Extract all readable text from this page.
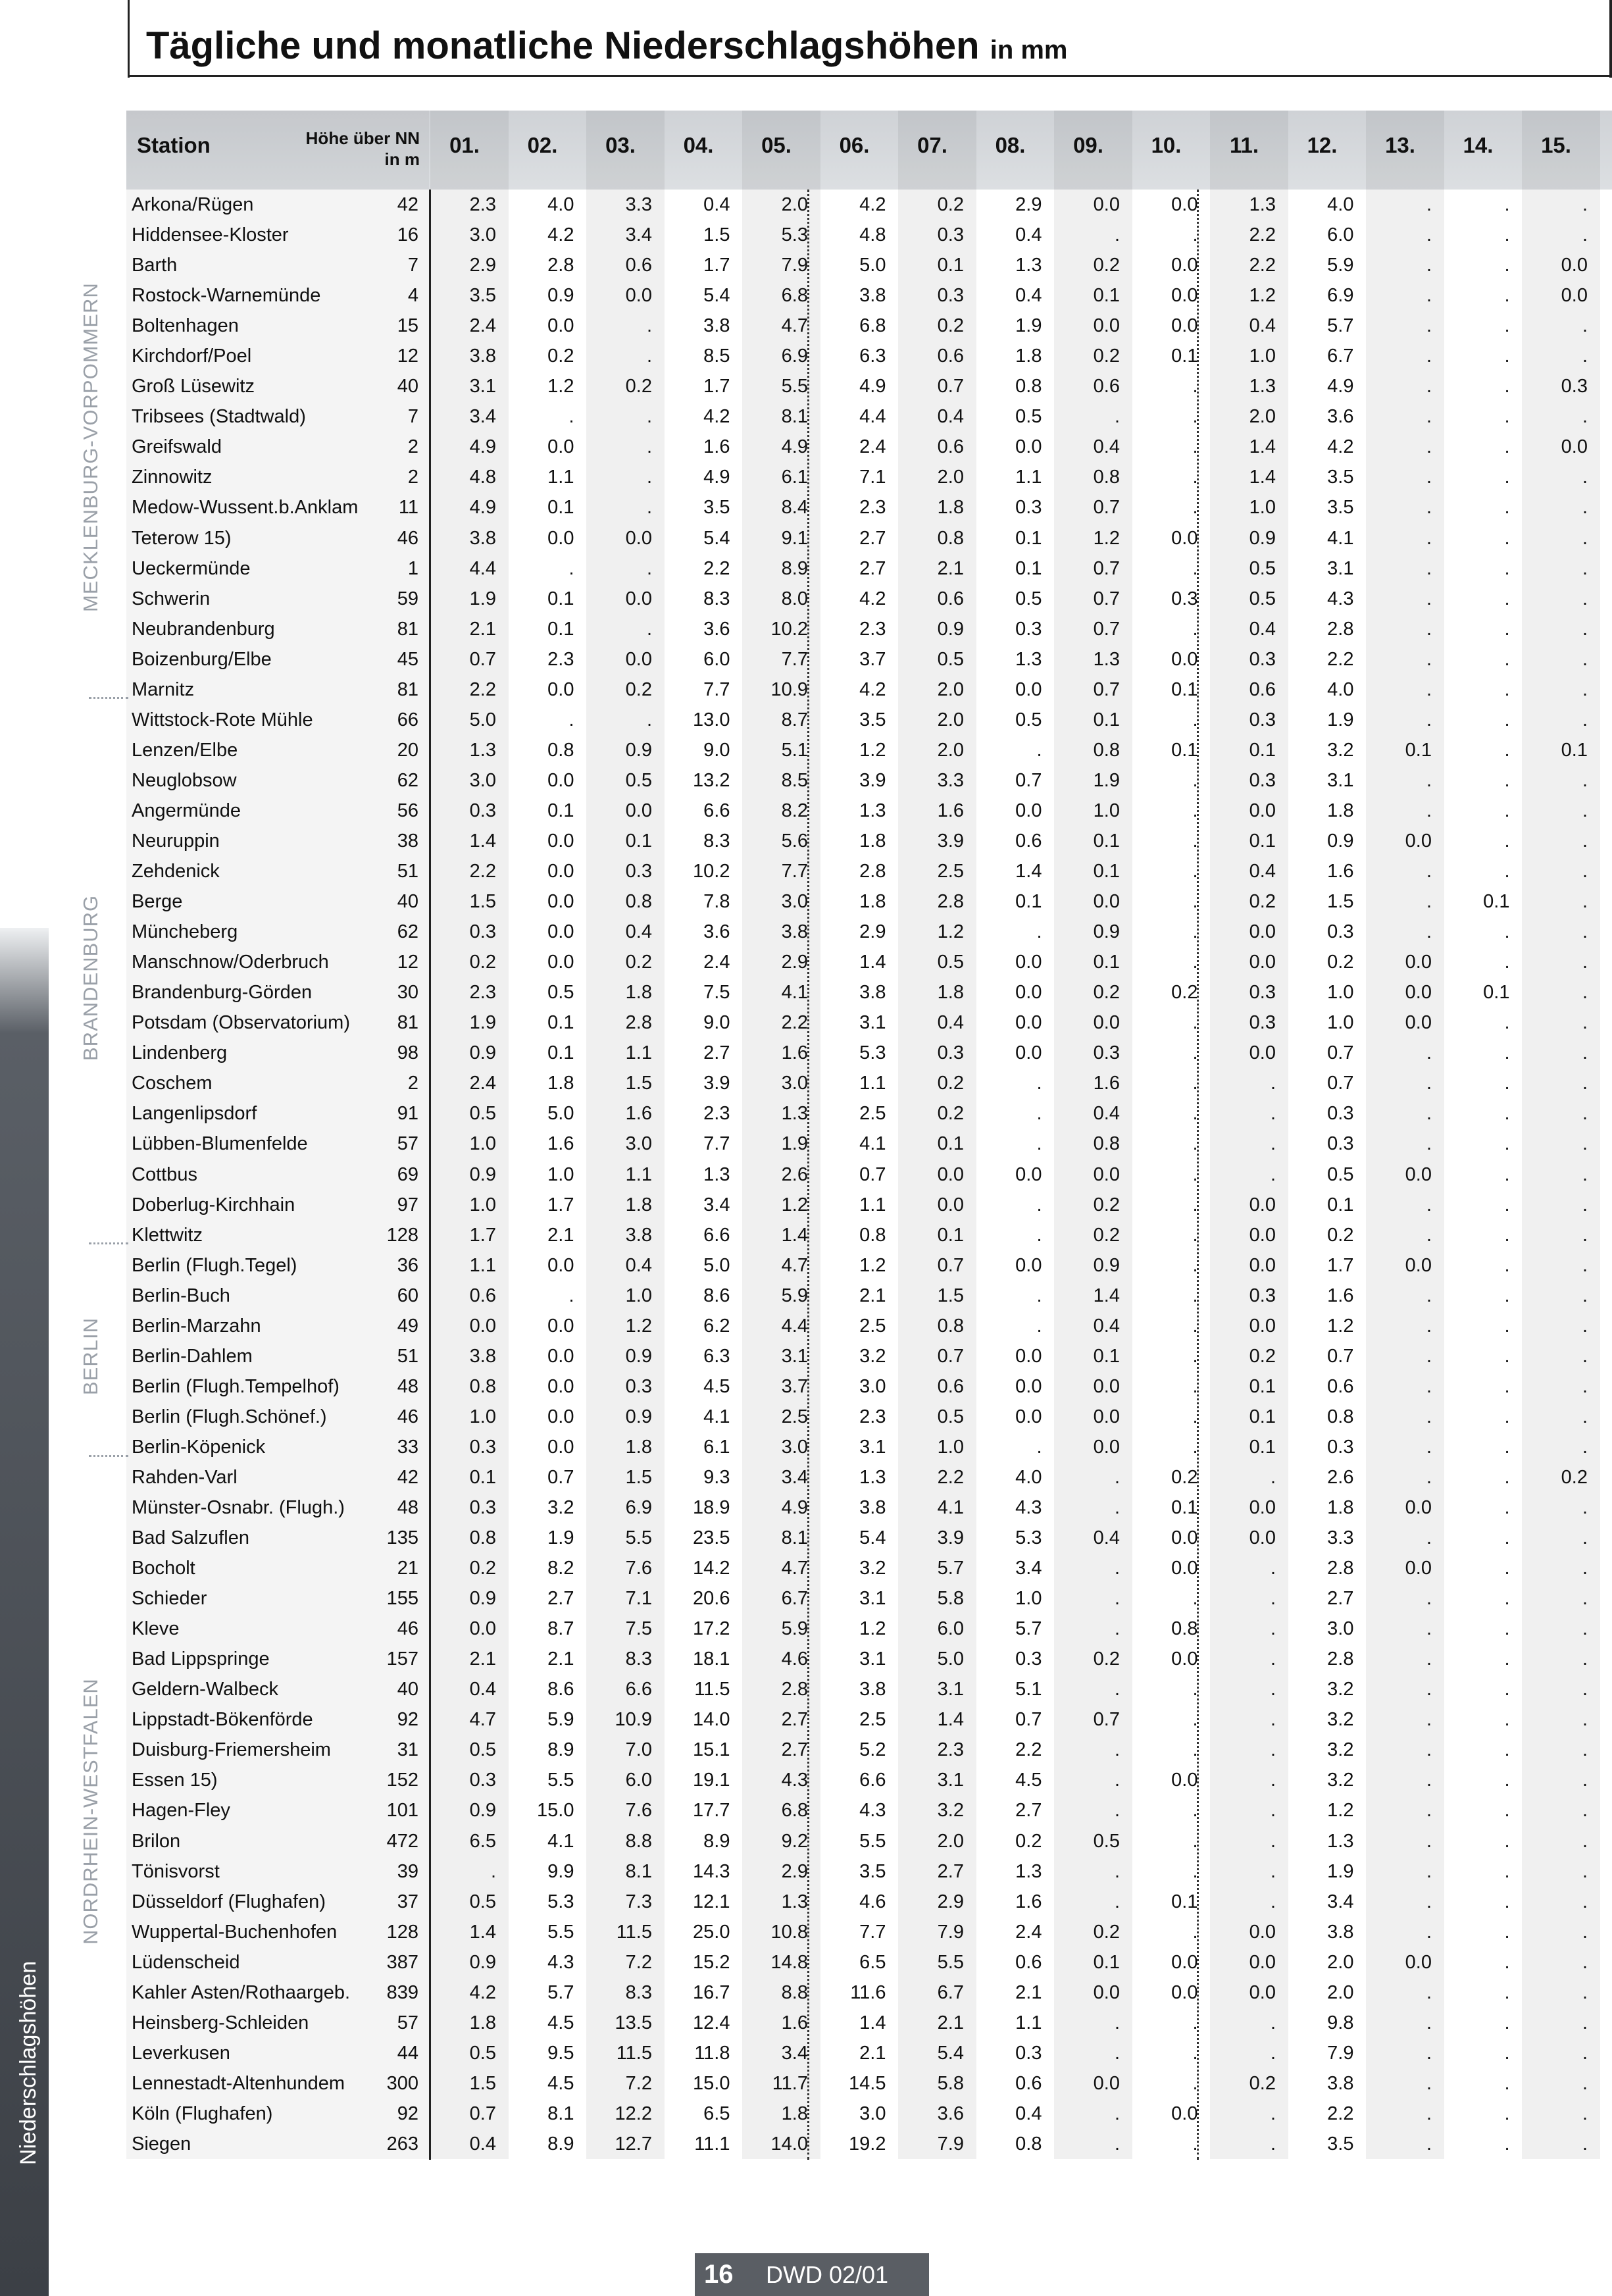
Tägliche und monatliche Niederschlagshöhen in mm
Station	Höhe über NN
in m
01.	02.	03.	04.	05.	06.	07.	08.	09.	10.	11.	12.	13.	14.	15.
Arkona/Rügen	42	2.3	4.0	3.3	0.4	2.0	4.2	0.2	2.9	0.0	0.0	1.3	4.0	.	.	.
Hiddensee-Kloster	16	3.0	4.2	3.4	1.5	5.3	4.8	0.3	0.4	.	.	2.2	6.0	.	.	.
Barth	7	2.9	2.8	0.6	1.7	7.9	5.0	0.1	1.3	0.2	0.0	2.2	5.9	.	.	0.0
Rostock-Warnemünde	4	3.5	0.9	0.0	5.4	6.8	3.8	0.3	0.4	0.1	0.0	1.2	6.9	.	.	0.0
Boltenhagen	15	2.4	0.0	.	3.8	4.7	6.8	0.2	1.9	0.0	0.0	0.4	5.7	.	.	.
Kirchdorf/Poel	12	3.8	0.2	.	8.5	6.9	6.3	0.6	1.8	0.2	0.1	1.0	6.7	.	.	.
Groß Lüsewitz	40	3.1	1.2	0.2	1.7	5.5	4.9	0.7	0.8	0.6	.	1.3	4.9	.	.	0.3
Tribsees (Stadtwald)	7	3.4	.	.	4.2	8.1	4.4	0.4	0.5	.	.	2.0	3.6	.	.	.
Greifswald	2	4.9	0.0	.	1.6	4.9	2.4	0.6	0.0	0.4	.	1.4	4.2	.	.	0.0
Zinnowitz	2	4.8	1.1	.	4.9	6.1	7.1	2.0	1.1	0.8	.	1.4	3.5	.	.	.
Medow-Wussent.b.Anklam	11	4.9	0.1	.	3.5	8.4	2.3	1.8	0.3	0.7	.	1.0	3.5	.	.	.
Teterow 15)	46	3.8	0.0	0.0	5.4	9.1	2.7	0.8	0.1	1.2	0.0	0.9	4.1	.	.	.
Ueckermünde	1	4.4	.	.	2.2	8.9	2.7	2.1	0.1	0.7	.	0.5	3.1	.	.	.
Schwerin	59	1.9	0.1	0.0	8.3	8.0	4.2	0.6	0.5	0.7	0.3	0.5	4.3	.	.	.
Neubrandenburg	81	2.1	0.1	.	3.6	10.2	2.3	0.9	0.3	0.7	.	0.4	2.8	.	.	.
Boizenburg/Elbe	45	0.7	2.3	0.0	6.0	7.7	3.7	0.5	1.3	1.3	0.0	0.3	2.2	.	.	.
Marnitz	81	2.2	0.0	0.2	7.7	10.9	4.2	2.0	0.0	0.7	0.1	0.6	4.0	.	.	.
Wittstock-Rote Mühle	66	5.0	.	.	13.0	8.7	3.5	2.0	0.5	0.1	.	0.3	1.9	.	.	.
Lenzen/Elbe	20	1.3	0.8	0.9	9.0	5.1	1.2	2.0	.	0.8	0.1	0.1	3.2	0.1	.	0.1
Neuglobsow	62	3.0	0.0	0.5	13.2	8.5	3.9	3.3	0.7	1.9	.	0.3	3.1	.	.	.
Angermünde	56	0.3	0.1	0.0	6.6	8.2	1.3	1.6	0.0	1.0	.	0.0	1.8	.	.	.
Neuruppin	38	1.4	0.0	0.1	8.3	5.6	1.8	3.9	0.6	0.1	.	0.1	0.9	0.0	.	.
Zehdenick	51	2.2	0.0	0.3	10.2	7.7	2.8	2.5	1.4	0.1	.	0.4	1.6	.	.	.
Berge	40	1.5	0.0	0.8	7.8	3.0	1.8	2.8	0.1	0.0	.	0.2	1.5	.	0.1	.
Müncheberg	62	0.3	0.0	0.4	3.6	3.8	2.9	1.2	.	0.9	.	0.0	0.3	.	.	.
Manschnow/Oderbruch	12	0.2	0.0	0.2	2.4	2.9	1.4	0.5	0.0	0.1	.	0.0	0.2	0.0	.	.
Brandenburg-Görden	30	2.3	0.5	1.8	7.5	4.1	3.8	1.8	0.0	0.2	0.2	0.3	1.0	0.0	0.1	.
Potsdam (Observatorium)	81	1.9	0.1	2.8	9.0	2.2	3.1	0.4	0.0	0.0	.	0.3	1.0	0.0	.	.
Lindenberg	98	0.9	0.1	1.1	2.7	1.6	5.3	0.3	0.0	0.3	.	0.0	0.7	.	.	.
Coschem	2	2.4	1.8	1.5	3.9	3.0	1.1	0.2	.	1.6	.	.	0.7	.	.	.
Langenlipsdorf	91	0.5	5.0	1.6	2.3	1.3	2.5	0.2	.	0.4	.	.	0.3	.	.	.
Lübben-Blumenfelde	57	1.0	1.6	3.0	7.7	1.9	4.1	0.1	.	0.8	.	.	0.3	.	.	.
Cottbus	69	0.9	1.0	1.1	1.3	2.6	0.7	0.0	0.0	0.0	.	.	0.5	0.0	.	.
Doberlug-Kirchhain	97	1.0	1.7	1.8	3.4	1.2	1.1	0.0	.	0.2	.	0.0	0.1	.	.	.
Klettwitz	128	1.7	2.1	3.8	6.6	1.4	0.8	0.1	.	0.2	.	0.0	0.2	.	.	.
Berlin (Flugh.Tegel)	36	1.1	0.0	0.4	5.0	4.7	1.2	0.7	0.0	0.9	.	0.0	1.7	0.0	.	.
Berlin-Buch	60	0.6	.	1.0	8.6	5.9	2.1	1.5	.	1.4	.	0.3	1.6	.	.	.
Berlin-Marzahn	49	0.0	0.0	1.2	6.2	4.4	2.5	0.8	.	0.4	.	0.0	1.2	.	.	.
Berlin-Dahlem	51	3.8	0.0	0.9	6.3	3.1	3.2	0.7	0.0	0.1	.	0.2	0.7	.	.	.
Berlin (Flugh.Tempelhof)	48	0.8	0.0	0.3	4.5	3.7	3.0	0.6	0.0	0.0	.	0.1	0.6	.	.	.
Berlin (Flugh.Schönef.)	46	1.0	0.0	0.9	4.1	2.5	2.3	0.5	0.0	0.0	.	0.1	0.8	.	.	.
Berlin-Köpenick	33	0.3	0.0	1.8	6.1	3.0	3.1	1.0	.	0.0	.	0.1	0.3	.	.	.
Rahden-Varl	42	0.1	0.7	1.5	9.3	3.4	1.3	2.2	4.0	.	0.2	.	2.6	.	.	0.2
Münster-Osnabr. (Flugh.)	48	0.3	3.2	6.9	18.9	4.9	3.8	4.1	4.3	.	0.1	0.0	1.8	0.0	.	.
Bad Salzuflen	135	0.8	1.9	5.5	23.5	8.1	5.4	3.9	5.3	0.4	0.0	0.0	3.3	.	.	.
Bocholt	21	0.2	8.2	7.6	14.2	4.7	3.2	5.7	3.4	.	0.0	.	2.8	0.0	.	.
Schieder	155	0.9	2.7	7.1	20.6	6.7	3.1	5.8	1.0	.	.	.	2.7	.	.	.
Kleve	46	0.0	8.7	7.5	17.2	5.9	1.2	6.0	5.7	.	0.8	.	3.0	.	.	.
Bad Lippspringe	157	2.1	2.1	8.3	18.1	4.6	3.1	5.0	0.3	0.2	0.0	.	2.8	.	.	.
Geldern-Walbeck	40	0.4	8.6	6.6	11.5	2.8	3.8	3.1	5.1	.	.	.	3.2	.	.	.
Lippstadt-Bökenförde	92	4.7	5.9	10.9	14.0	2.7	2.5	1.4	0.7	0.7	.	.	3.2	.	.	.
Duisburg-Friemersheim	31	0.5	8.9	7.0	15.1	2.7	5.2	2.3	2.2	.	.	.	3.2	.	.	.
Essen 15)	152	0.3	5.5	6.0	19.1	4.3	6.6	3.1	4.5	.	0.0	.	3.2	.	.	.
Hagen-Fley	101	0.9	15.0	7.6	17.7	6.8	4.3	3.2	2.7	.	.	.	1.2	.	.	.
Brilon	472	6.5	4.1	8.8	8.9	9.2	5.5	2.0	0.2	0.5	.	.	1.3	.	.	.
Tönisvorst	39	.	9.9	8.1	14.3	2.9	3.5	2.7	1.3	.	.	.	1.9	.	.	.
Düsseldorf (Flughafen)	37	0.5	5.3	7.3	12.1	1.3	4.6	2.9	1.6	.	0.1	.	3.4	.	.	.
Wuppertal-Buchenhofen	128	1.4	5.5	11.5	25.0	10.8	7.7	7.9	2.4	0.2	.	0.0	3.8	.	.	.
Lüdenscheid	387	0.9	4.3	7.2	15.2	14.8	6.5	5.5	0.6	0.1	0.0	0.0	2.0	0.0	.	.
Kahler Asten/Rothaargeb.	839	4.2	5.7	8.3	16.7	8.8	11.6	6.7	2.1	0.0	0.0	0.0	2.0	.	.	.
Heinsberg-Schleiden	57	1.8	4.5	13.5	12.4	1.6	1.4	2.1	1.1	.	.	.	9.8	.	.	.
Leverkusen	44	0.5	9.5	11.5	11.8	3.4	2.1	5.4	0.3	.	.	.	7.9	.	.	.
Lennestadt-Altenhundem	300	1.5	4.5	7.2	15.0	11.7	14.5	5.8	0.6	0.0	.	0.2	3.8	.	.	.
Köln (Flughafen)	92	0.7	8.1	12.2	6.5	1.8	3.0	3.6	0.4	.	0.0	.	2.2	.	.	.
Siegen	263	0.4	8.9	12.7	11.1	14.0	19.2	7.9	0.8	.	.	.	3.5	.	.	.
MECKLENBURG-VORPOMMERN
BRANDENBURG
BERLIN
NORDRHEIN-WESTFALEN
Niederschlagshöhen
16 DWD 02/01
